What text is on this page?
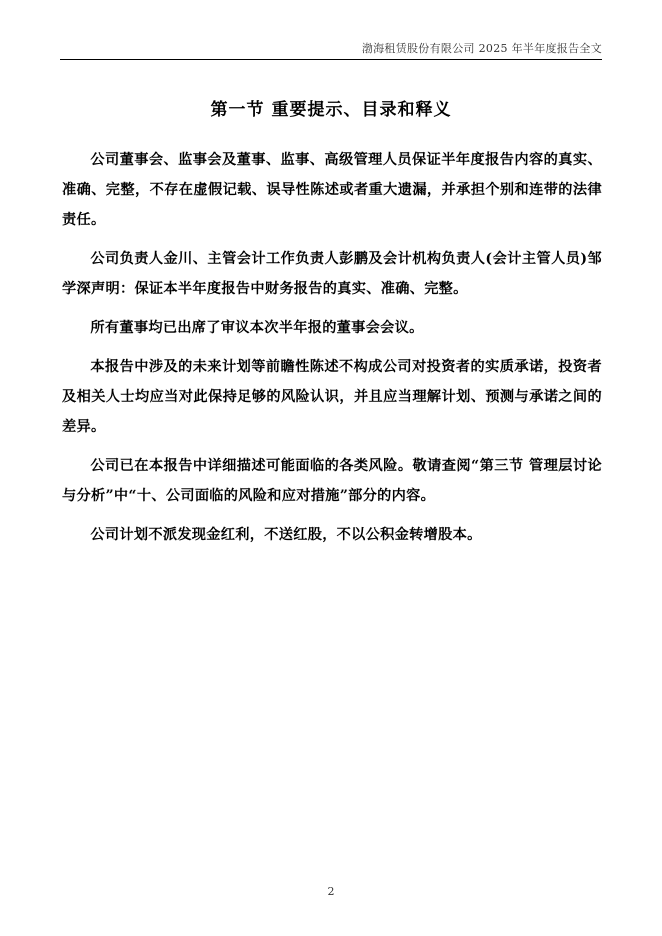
渤海租赁股份有限公司 2025 年半年度报告全文
第一节 重要提示、目录和释义

公司董事会、监事会及董事、监事、高级管理人员保证半年度报告内容的真实、准确、完整，不存在虚假记载、误导性陈述或者重大遗漏，并承担个别和连带的法律责任。

公司负责人金川、主管会计工作负责人彭鹏及会计机构负责人(会计主管人员)邹学深声明：保证本半年度报告中财务报告的真实、准确、完整。

所有董事均已出席了审议本次半年报的董事会会议。

本报告中涉及的未来计划等前瞻性陈述不构成公司对投资者的实质承诺，投资者及相关人士均应当对此保持足够的风险认识，并且应当理解计划、预测与承诺之间的差异。

公司已在本报告中详细描述可能面临的各类风险。敬请查阅“第三节 管理层讨论与分析”中“十、公司面临的风险和应对措施”部分的内容。

公司计划不派发现金红利，不送红股，不以公积金转增股本。

2
